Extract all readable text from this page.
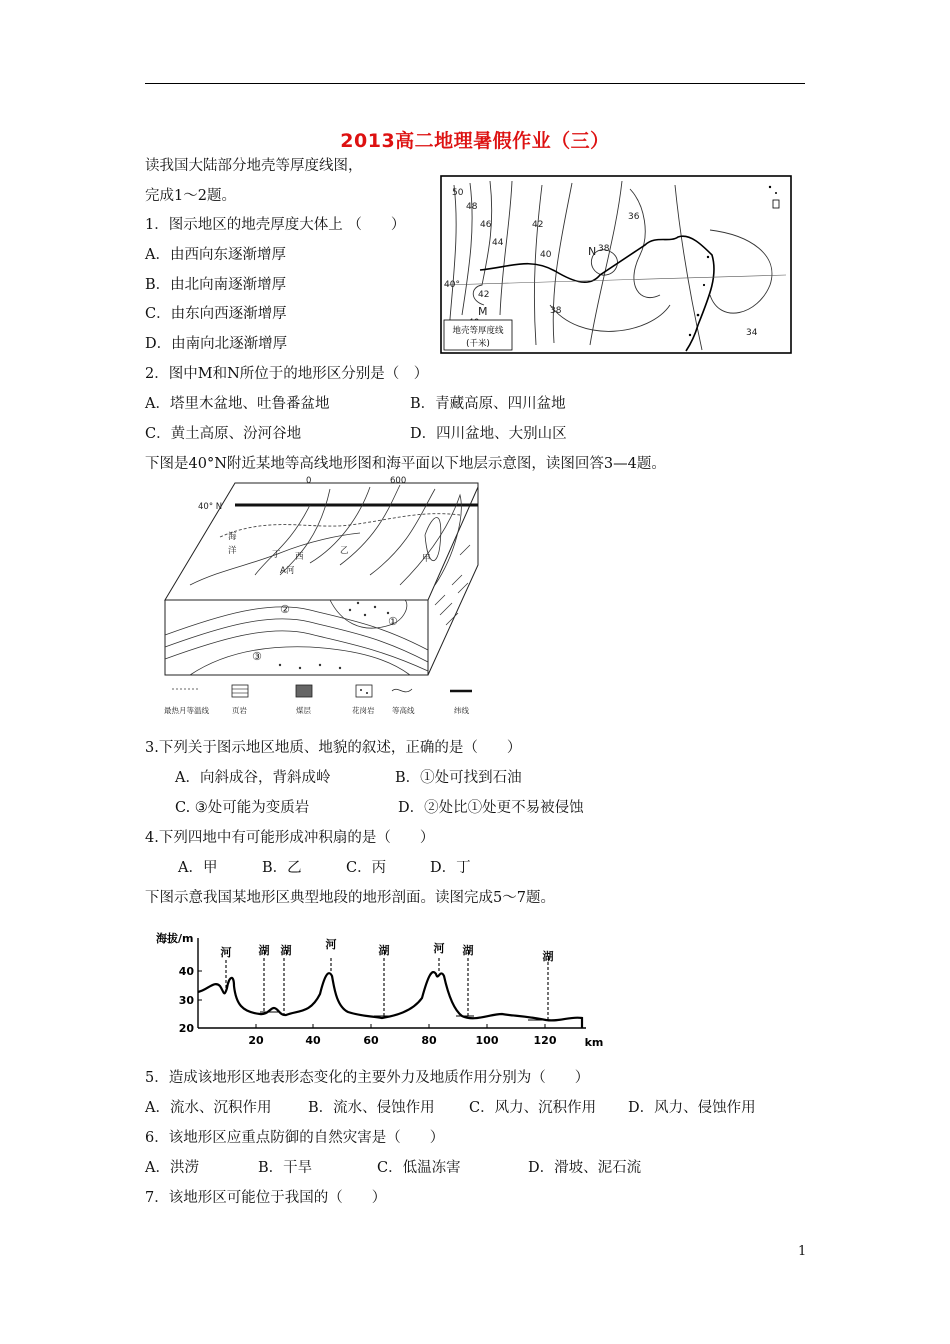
2013高二地理暑假作业（三）
读我国大陆部分地壳等厚度线图，
完成1～2题。
1．图示地区的地壳厚度大体上 （　　）
A．由西向东逐渐增厚
B．由北向南逐渐增厚
C．由东向西逐渐增厚
D．由南向北逐渐增厚
2．图中M和N所位于的地形区分别是（　）
A．塔里木盆地、吐鲁番盆地	B．青藏高原、四川盆地
C．黄土高原、汾河谷地	D．四川盆地、大别山区
下图是40°N附近某地等高线地形图和海平面以下地层示意图，读图回答3—4题。
50
48
46
44
42
40
38
36
34
42
40°
N 38
M
地壳等厚度线
(千米)
40° N
0	600
海
洋	丁 西
A河
乙
甲
①
②
③
最热月等温线	页岩	煤层	花岗岩 等高线	纬线
3.下列关于图示地区地质、地貌的叙述，正确的是（　　）
A．向斜成谷，背斜成岭	B．①处可找到石油
C. ③处可能为变质岩	D．②处比①处更不易被侵蚀
4.下列四地中有可能形成冲积扇的是（　　）
A．甲	B．乙	C．丙	D．丁
下图示意我国某地形区典型地段的地形剖面。读图完成5～7题。
海拔/m
40
30
20
20	40	60	80	100	120	km
河 湖 湖	河	湖	河 湖	湖
5．造成该地形区地表形态变化的主要外力及地质作用分别为（　　）
A．流水、沉积作用	B．流水、侵蚀作用 C．风力、沉积作用 D．风力、侵蚀作用
6．该地形区应重点防御的自然灾害是（　　）
A．洪涝	B．干旱	C．低温冻害	D．滑坡、泥石流
7．该地形区可能位于我国的（　　）
1
